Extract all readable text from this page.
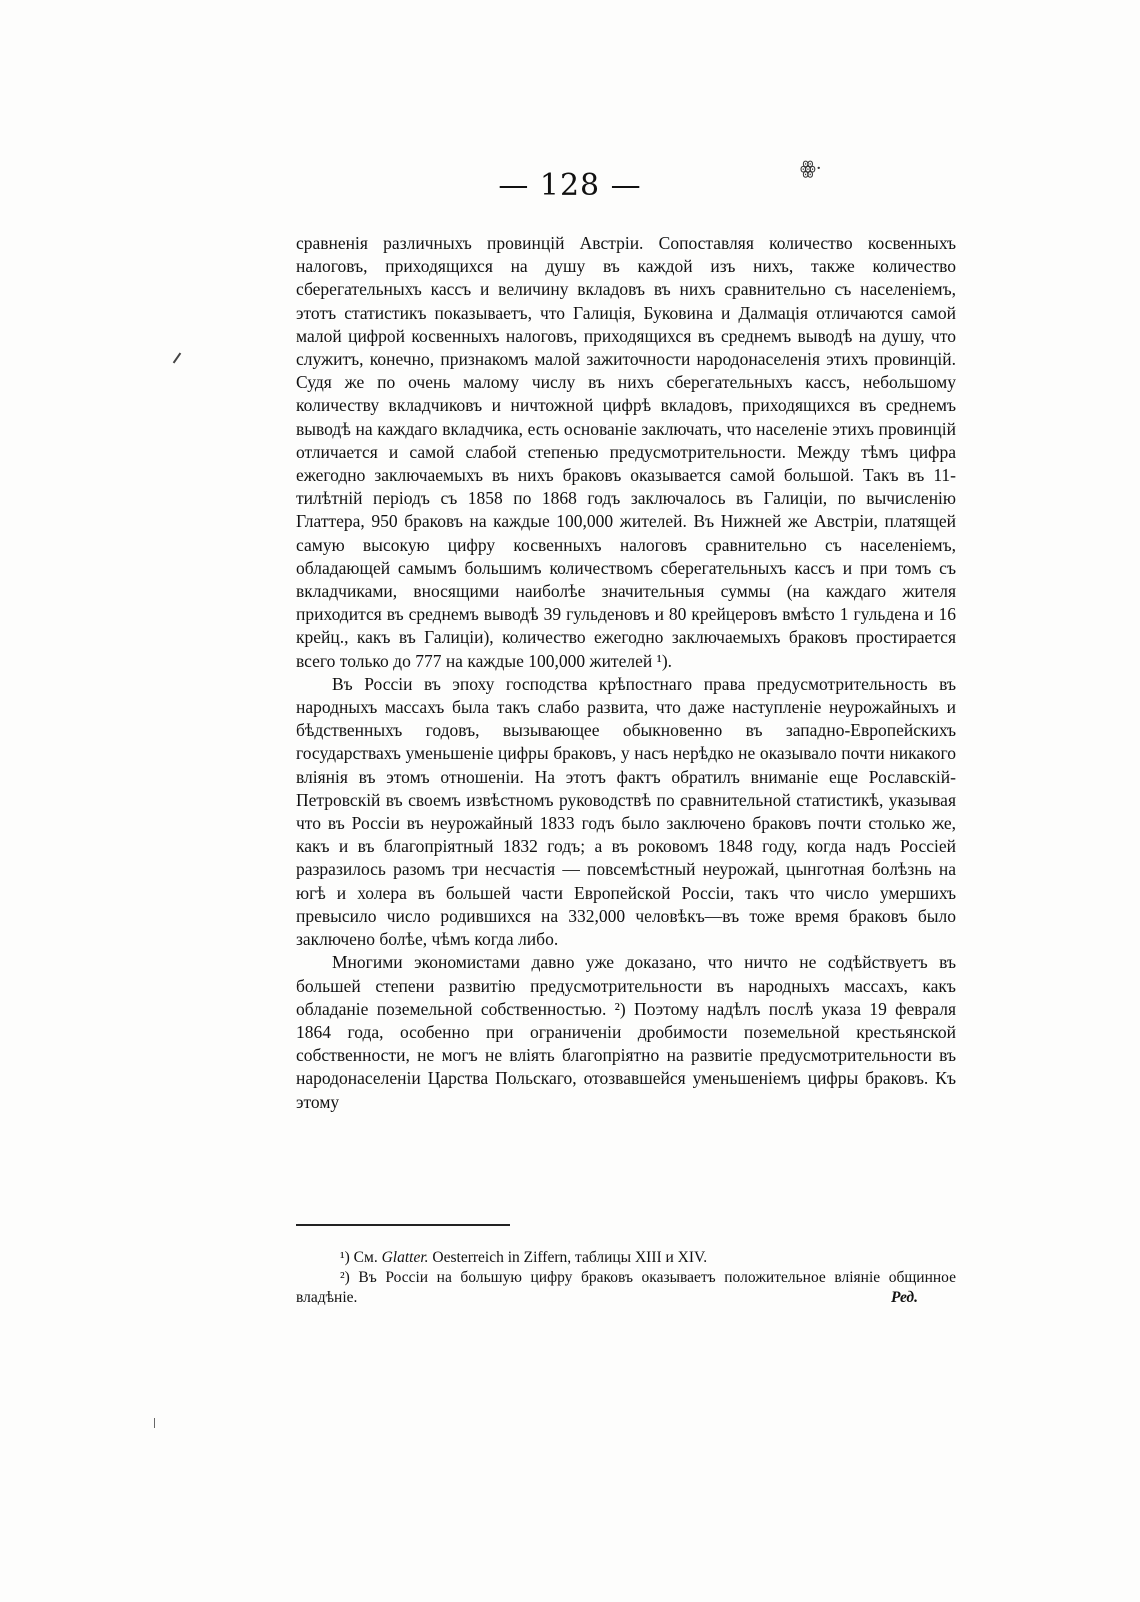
— 128 —	ꙮ·

сравненія различныхъ провинцій Австріи. Сопоставляя количество косвенныхъ налоговъ, приходящихся на душу въ каждой изъ нихъ, также количество сберегательныхъ кассъ и величину вкладовъ въ нихъ сравнительно съ населеніемъ, этотъ статистикъ показываетъ, что Галиція, Буковина и Далмація отличаются самой малой цифрой косвенныхъ налоговъ, приходящихся въ среднемъ выводѣ на душу, что служитъ, конечно, признакомъ малой зажиточности народонаселенія этихъ провинцій. Судя же по очень малому числу въ нихъ сберегательныхъ кассъ, небольшому количеству вкладчиковъ и ничтожной цифрѣ вкладовъ, приходящихся въ среднемъ выводѣ на каждаго вкладчика, есть основаніе заключать, что населеніе этихъ провинцій отличается и самой слабой степенью предусмотрительности. Между тѣмъ цифра ежегодно заключаемыхъ въ нихъ браковъ оказывается самой большой. Такъ въ 11-тилѣтній періодъ съ 1858 по 1868 годъ заключалось въ Галиціи, по вычисленію Глаттера, 950 браковъ на каждые 100,000 жителей. Въ Нижней же Австріи, платящей самую высокую цифру косвенныхъ налоговъ сравнительно съ населеніемъ, обладающей самымъ большимъ количествомъ сберегательныхъ кассъ и при томъ съ вкладчиками, вносящими наиболѣе значительныя суммы (на каждаго жителя приходится въ среднемъ выводѣ 39 гульденовъ и 80 крейцеровъ вмѣсто 1 гульдена и 16 крейц., какъ въ Галиціи), количество ежегодно заключаемыхъ браковъ простирается всего только до 777 на каждые 100,000 жителей ¹).

Въ Россіи въ эпоху господства крѣпостнаго права предусмотрительность въ народныхъ массахъ была такъ слабо развита, что даже наступленіе неурожайныхъ и бѣдственныхъ годовъ, вызывающее обыкновенно въ западно-Европейскихъ государствахъ уменьшеніе цифры браковъ, у насъ нерѣдко не оказывало почти никакого вліянія въ этомъ отношеніи. На этотъ фактъ обратилъ вниманіе еще Рославскій-Петровскій въ своемъ извѣстномъ руководствѣ по сравнительной статистикѣ, указывая что въ Россіи въ неурожайный 1833 годъ было заключено браковъ почти столько же, какъ и въ благопріятный 1832 годъ; а въ роковомъ 1848 году, когда надъ Россіей разразилось разомъ три несчастія — повсемѣстный неурожай, цынготная болѣзнь на югѣ и холера въ большей части Европейской Россіи, такъ что число умершихъ превысило число родившихся на 332,000 человѣкъ—въ тоже время браковъ было заключено болѣе, чѣмъ когда либо.

Многими экономистами давно уже доказано, что ничто не содѣйствуетъ въ большей степени развитію предусмотрительности въ народныхъ массахъ, какъ обладаніе поземельной собственностью. ²) Поэтому надѣлъ послѣ указа 19 февраля 1864 года, особенно при ограниченіи дробимости поземельной крестьянской собственности, не могъ не вліять благопріятно на развитіе предусмотрительности въ народонаселеніи Царства Польскаго, отозвавшейся уменьшеніемъ цифры браковъ. Къ этому

¹) См. Glatter. Oesterreich in Ziffern, таблицы XIII и XIV.

²) Въ Россіи на большую цифру браковъ оказываетъ положительное вліяніе общинное владѣніе.	Ред.
